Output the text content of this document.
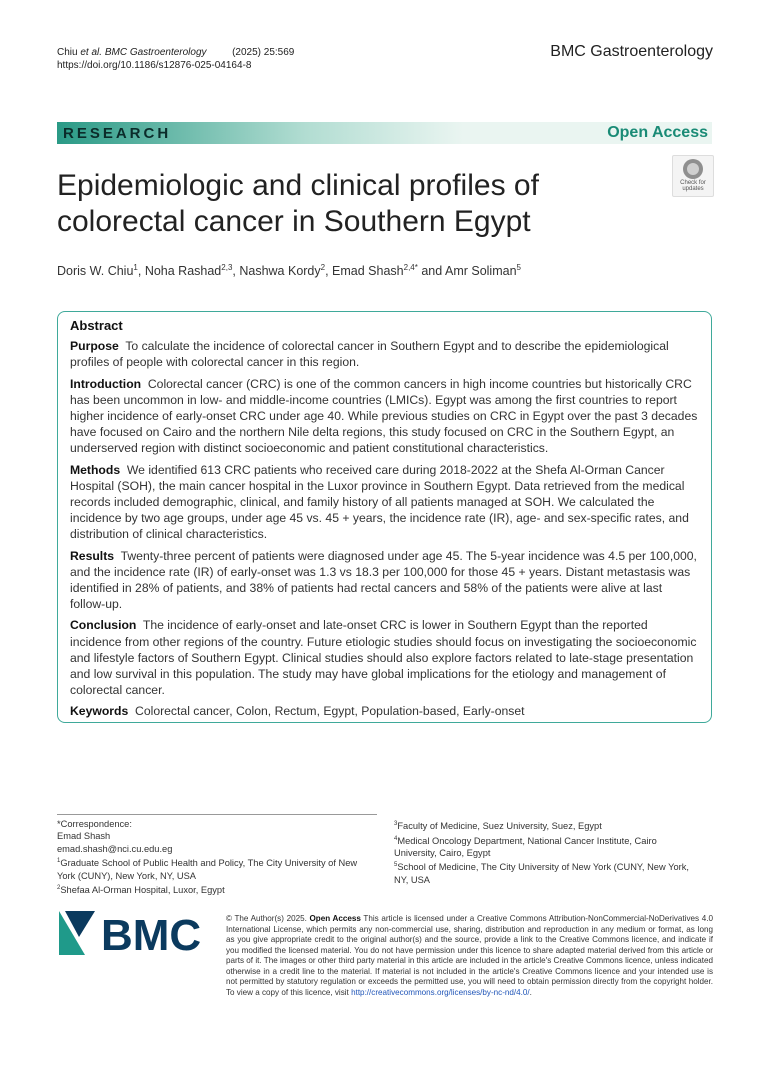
Chiu et al. BMC Gastroenterology	(2025) 25:569
https://doi.org/10.1186/s12876-025-04164-8
BMC Gastroenterology
RESEARCH	Open Access
Epidemiologic and clinical profiles of colorectal cancer in Southern Egypt
Check for updates
Doris W. Chiu$^1$, Noha Rashad$^{2,3}$, Nashwa Kordy$^2$, Emad Shash$^{2,4*}$ and Amr Soliman$^5$
Abstract

Purpose To calculate the incidence of colorectal cancer in Southern Egypt and to describe the epidemiological profiles of people with colorectal cancer in this region.

Introduction Colorectal cancer (CRC) is one of the common cancers in high income countries but historically CRC has been uncommon in low- and middle-income countries (LMICs). Egypt was among the first countries to report higher incidence of early-onset CRC under age 40. While previous studies on CRC in Egypt over the past 3 decades have focused on Cairo and the northern Nile delta regions, this study focused on CRC in the Southern Egypt, an underserved region with distinct socioeconomic and patient constitutional characteristics.

Methods We identified 613 CRC patients who received care during 2018-2022 at the Shefa Al-Orman Cancer Hospital (SOH), the main cancer hospital in the Luxor province in Southern Egypt. Data retrieved from the medical records included demographic, clinical, and family history of all patients managed at SOH. We calculated the incidence by two age groups, under age 45 vs. 45 + years, the incidence rate (IR), age- and sex-specific rates, and distribution of clinical characteristics.

Results Twenty-three percent of patients were diagnosed under age 45. The 5-year incidence was 4.5 per 100,000, and the incidence rate (IR) of early-onset was 1.3 vs 18.3 per 100,000 for those 45 + years. Distant metastasis was identified in 28% of patients, and 38% of patients had rectal cancers and 58% of the patients were alive at last follow-up.

Conclusion The incidence of early-onset and late-onset CRC is lower in Southern Egypt than the reported incidence from other regions of the country. Future etiologic studies should focus on investigating the socioeconomic and lifestyle factors of Southern Egypt. Clinical studies should also explore factors related to late-stage presentation and low survival in this population. The study may have global implications for the etiology and management of colorectal cancer.

Keywords Colorectal cancer, Colon, Rectum, Egypt, Population-based, Early-onset

*Correspondence:
Emad Shash
emad.shash@nci.cu.edu.eg
$^1$Graduate School of Public Health and Policy, The City University of New York (CUNY), New York, NY, USA
$^2$Shefaa Al-Orman Hospital, Luxor, Egypt
$^3$Faculty of Medicine, Suez University, Suez, Egypt
$^4$Medical Oncology Department, National Cancer Institute, Cairo University, Cairo, Egypt
$^5$School of Medicine, The City University of New York (CUNY, New York, NY, USA
BMC	© The Author(s) 2025. Open Access This article is licensed under a Creative Commons Attribution-NonCommercial-NoDerivatives 4.0 International License, which permits any non-commercial use, sharing, distribution and reproduction in any medium or format, as long as you give appropriate credit to the original author(s) and the source, provide a link to the Creative Commons licence, and indicate if you modified the licensed material. You do not have permission under this licence to share adapted material derived from this article or parts of it. The images or other third party material in this article are included in the article's Creative Commons licence, unless indicated otherwise in a credit line to the material. If material is not included in the article's Creative Commons licence and your intended use is not permitted by statutory regulation or exceeds the permitted use, you will need to obtain permission directly from the copyright holder. To view a copy of this licence, visit http://creativecommons.org/licenses/by-nc-nd/4.0/.
